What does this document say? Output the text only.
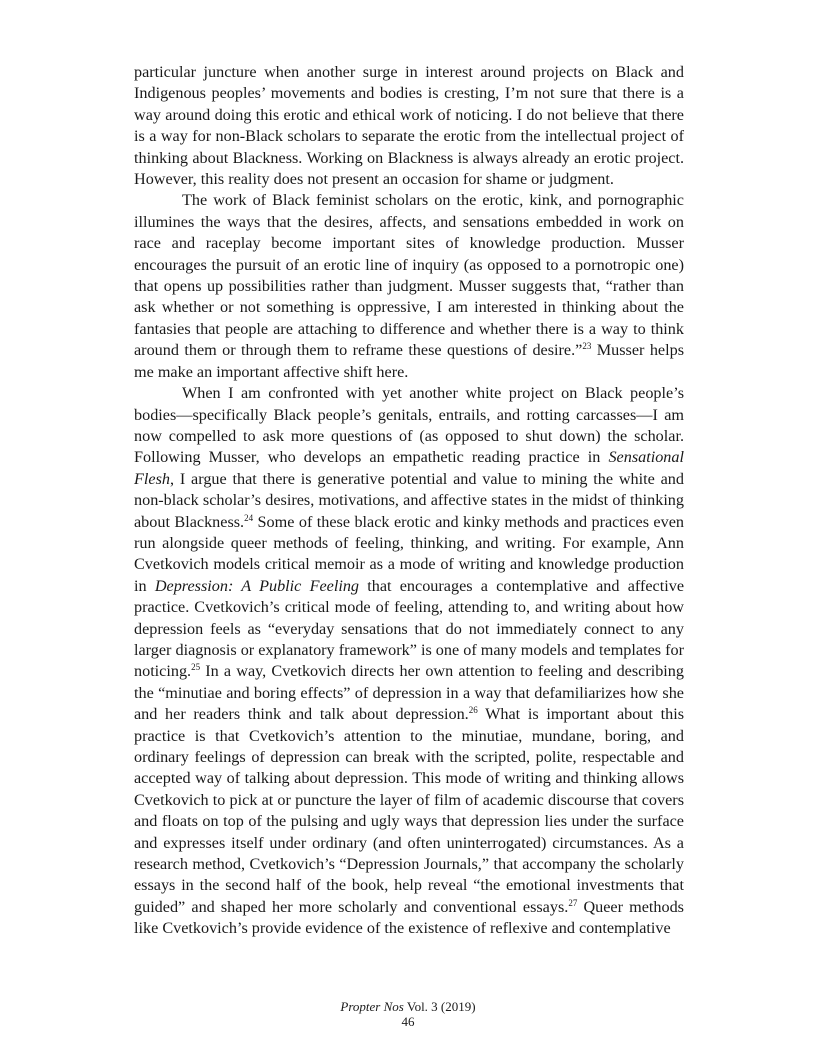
particular juncture when another surge in interest around projects on Black and Indigenous peoples’ movements and bodies is cresting, I’m not sure that there is a way around doing this erotic and ethical work of noticing. I do not believe that there is a way for non-Black scholars to separate the erotic from the intellectual project of thinking about Blackness. Working on Blackness is always already an erotic project. However, this reality does not present an occasion for shame or judgment.

The work of Black feminist scholars on the erotic, kink, and pornographic illumines the ways that the desires, affects, and sensations embedded in work on race and raceplay become important sites of knowledge production. Musser encourages the pursuit of an erotic line of inquiry (as opposed to a pornotropic one) that opens up possibilities rather than judgment. Musser suggests that, “rather than ask whether or not something is oppressive, I am interested in thinking about the fantasies that people are attaching to difference and whether there is a way to think around them or through them to reframe these questions of desire.”$^{23}$ Musser helps me make an important affective shift here.

When I am confronted with yet another white project on Black people’s bodies—specifically Black people’s genitals, entrails, and rotting carcasses—I am now compelled to ask more questions of (as opposed to shut down) the scholar. Following Musser, who develops an empathetic reading practice in Sensational Flesh, I argue that there is generative potential and value to mining the white and non-black scholar’s desires, motivations, and affective states in the midst of thinking about Blackness.$^{24}$ Some of these black erotic and kinky methods and practices even run alongside queer methods of feeling, thinking, and writing. For example, Ann Cvetkovich models critical memoir as a mode of writing and knowledge production in Depression: A Public Feeling that encourages a contemplative and affective practice. Cvetkovich’s critical mode of feeling, attending to, and writing about how depression feels as “everyday sensations that do not immediately connect to any larger diagnosis or explanatory framework” is one of many models and templates for noticing.$^{25}$ In a way, Cvetkovich directs her own attention to feeling and describing the “minutiae and boring effects” of depression in a way that defamiliarizes how she and her readers think and talk about depression.$^{26}$ What is important about this practice is that Cvetkovich’s attention to the minutiae, mundane, boring, and ordinary feelings of depression can break with the scripted, polite, respectable and accepted way of talking about depression. This mode of writing and thinking allows Cvetkovich to pick at or puncture the layer of film of academic discourse that covers and floats on top of the pulsing and ugly ways that depression lies under the surface and expresses itself under ordinary (and often uninterrogated) circumstances. As a research method, Cvetkovich’s “Depression Journals,” that accompany the scholarly essays in the second half of the book, help reveal “the emotional investments that guided” and shaped her more scholarly and conventional essays.$^{27}$ Queer methods like Cvetkovich’s provide evidence of the existence of reflexive and contemplative

Propter Nos Vol. 3 (2019)
46
